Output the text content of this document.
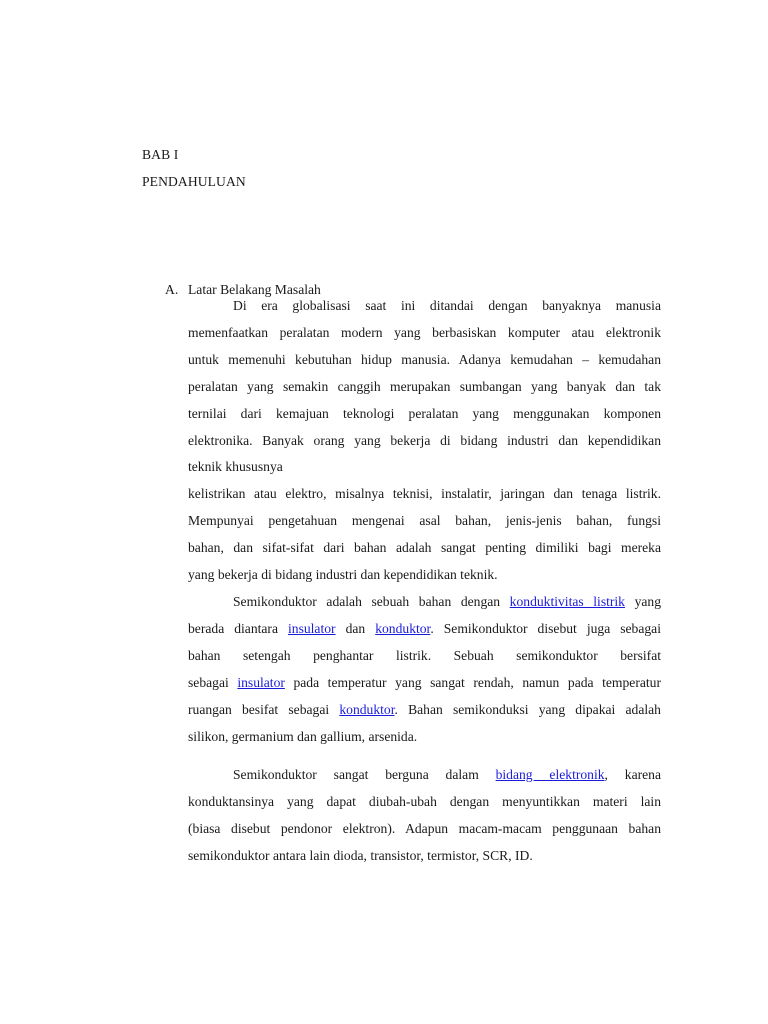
BAB I
PENDAHULUAN
A. Latar Belakang Masalah
Di era globalisasi saat ini ditandai dengan banyaknya manusia
memenfaatkan peralatan modern yang berbasiskan komputer atau elektronik
untuk memenuhi kebutuhan hidup manusia. Adanya kemudahan – kemudahan
peralatan yang semakin canggih merupakan sumbangan yang banyak dan tak
ternilai dari kemajuan teknologi peralatan yang menggunakan komponen
elektronika. Banyak orang yang bekerja di bidang industri dan kependidikan
teknik khususnya
kelistrikan atau elektro, misalnya teknisi, instalatir, jaringan dan tenaga listrik.
Mempunyai pengetahuan mengenai asal bahan, jenis-jenis bahan, fungsi
bahan, dan sifat-sifat dari bahan adalah sangat penting dimiliki bagi mereka
yang bekerja di bidang industri dan kependidikan teknik.
Semikonduktor adalah sebuah bahan dengan konduktivitas listrik yang
berada diantara insulator dan konduktor. Semikonduktor disebut juga sebagai
bahan setengah penghantar listrik. Sebuah semikonduktor bersifat
sebagai insulator pada temperatur yang sangat rendah, namun pada temperatur
ruangan besifat sebagai konduktor. Bahan semikonduksi yang dipakai adalah
silikon, germanium dan gallium, arsenida.
Semikonduktor sangat berguna dalam bidang elektronik, karena
konduktansinya yang dapat diubah-ubah dengan menyuntikkan materi lain
(biasa disebut pendonor elektron). Adapun macam-macam penggunaan bahan
semikonduktor antara lain dioda, transistor, termistor, SCR, ID.
